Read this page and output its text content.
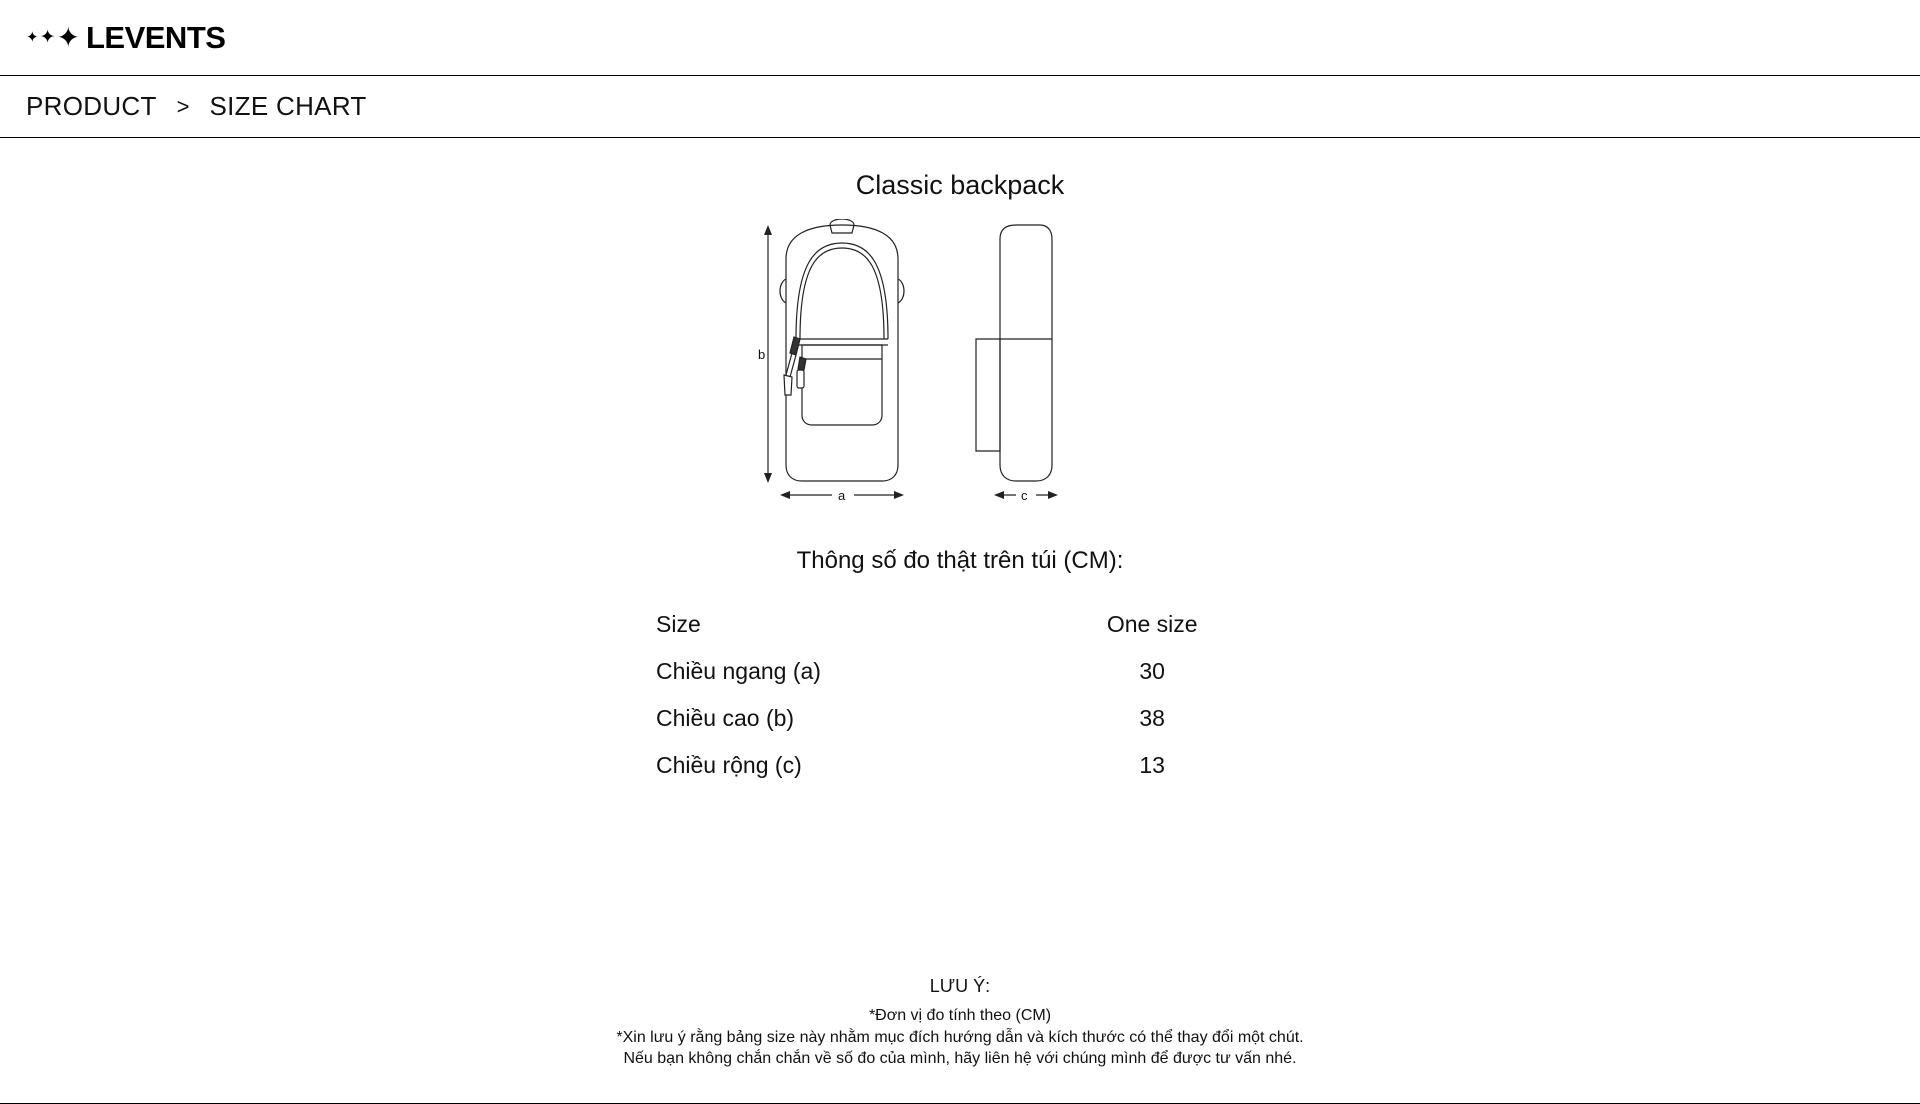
✦ ✦ ✦ LEVENTS
PRODUCT > SIZE CHART
Classic backpack
b
a	c
Thông số đo thật trên túi (CM):
Size	One size
Chiều ngang (a)	30
Chiều cao (b)	38
Chiều rộng (c)	13
LƯU Ý:
*Đơn vị đo tính theo (CM)
*Xin lưu ý rằng bảng size này nhằm mục đích hướng dẫn và kích thước có thể thay đổi một chút.
Nếu bạn không chắn chắn về số đo của mình, hãy liên hệ với chúng mình để được tư vấn nhé.
